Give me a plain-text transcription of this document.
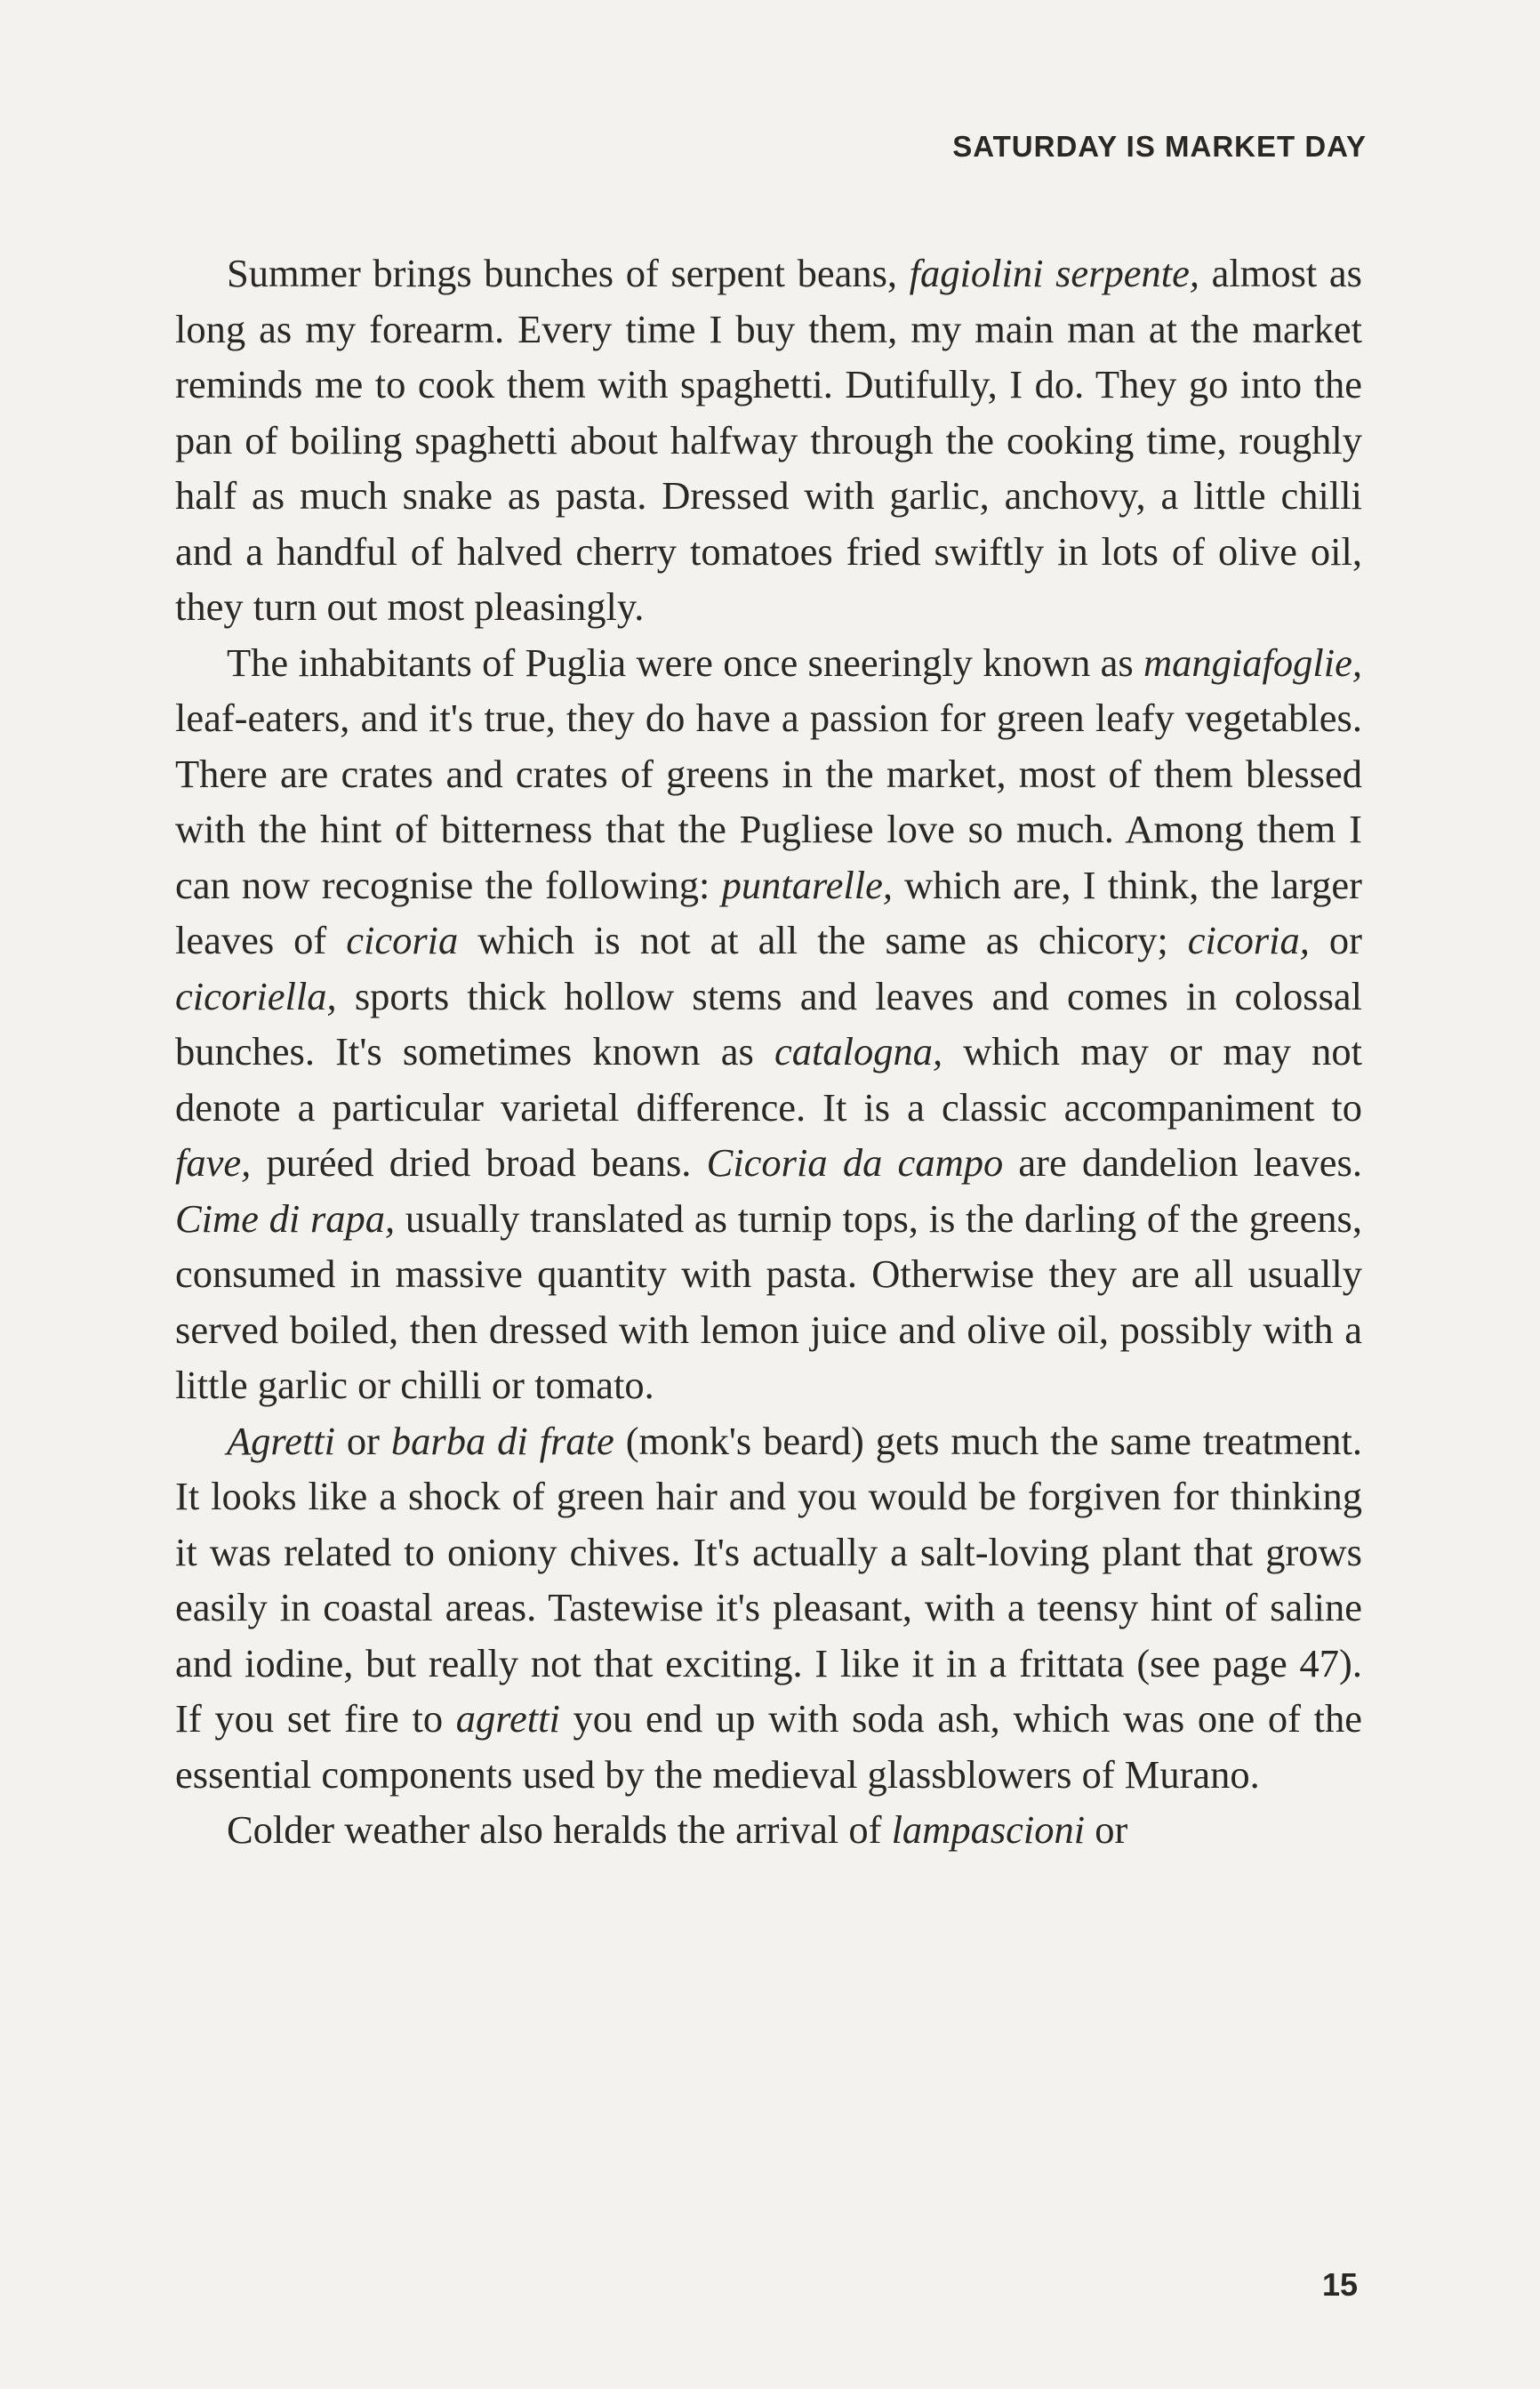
SATURDAY IS MARKET DAY

Summer brings bunches of serpent beans, fagiolini serpente, almost as long as my forearm. Every time I buy them, my main man at the market reminds me to cook them with spaghetti. Dutifully, I do. They go into the pan of boiling spaghetti about halfway through the cooking time, roughly half as much snake as pasta. Dressed with garlic, anchovy, a little chilli and a handful of halved cherry tomatoes fried swiftly in lots of olive oil, they turn out most pleasingly.

The inhabitants of Puglia were once sneeringly known as mangiafoglie, leaf-eaters, and it's true, they do have a passion for green leafy vegetables. There are crates and crates of greens in the market, most of them blessed with the hint of bitterness that the Pugliese love so much. Among them I can now recognise the following: puntarelle, which are, I think, the larger leaves of cicoria which is not at all the same as chicory; cicoria, or cicoriella, sports thick hollow stems and leaves and comes in colossal bunches. It's sometimes known as catalogna, which may or may not denote a particular varietal difference. It is a classic accompaniment to fave, puréed dried broad beans. Cicoria da campo are dandelion leaves. Cime di rapa, usually translated as turnip tops, is the darling of the greens, consumed in massive quantity with pasta. Otherwise they are all usually served boiled, then dressed with lemon juice and olive oil, possibly with a little garlic or chilli or tomato.

Agretti or barba di frate (monk's beard) gets much the same treatment. It looks like a shock of green hair and you would be forgiven for thinking it was related to oniony chives. It's actually a salt-loving plant that grows easily in coastal areas. Tastewise it's pleasant, with a teensy hint of saline and iodine, but really not that exciting. I like it in a frittata (see page 47). If you set fire to agretti you end up with soda ash, which was one of the essential components used by the medieval glassblowers of Murano.

Colder weather also heralds the arrival of lampascioni or

15
